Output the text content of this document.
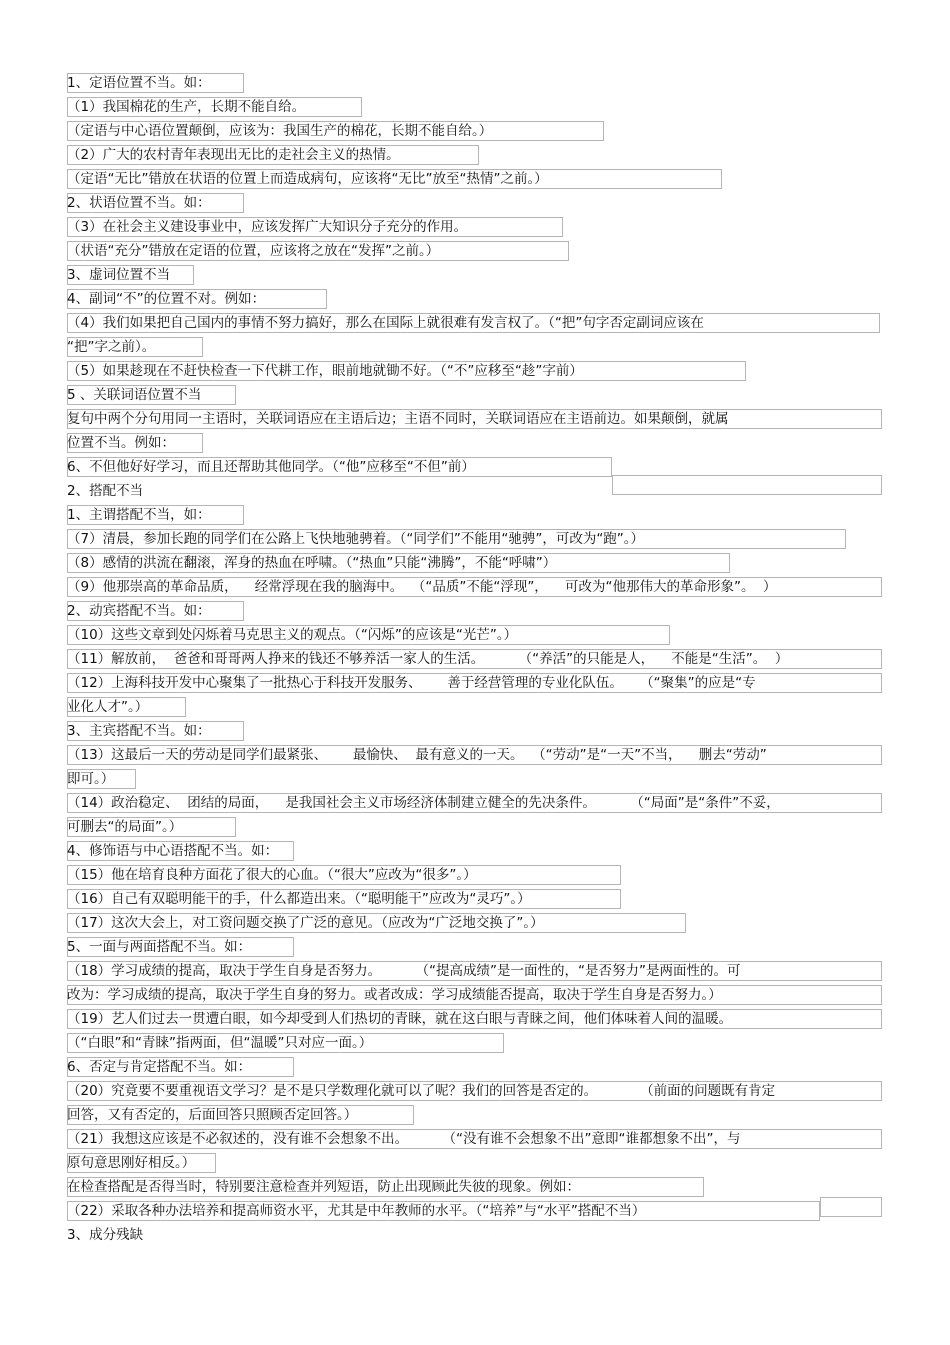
1、定语位置不当。如：
（1）我国棉花的生产，长期不能自给。
（定语与中心语位置颠倒，应该为：我国生产的棉花，长期不能自给。）
（2）广大的农村青年表现出无比的走社会主义的热情。
（定语“无比”错放在状语的位置上而造成病句，应该将“无比”放至“热情”之前。）
2、状语位置不当。如：
（3）在社会主义建设事业中，应该发挥广大知识分子充分的作用。
（状语“充分”错放在定语的位置，应该将之放在“发挥”之前。）
3、虚词位置不当
4、副词“不”的位置不对。例如：
（4）我们如果把自己国内的事情不努力搞好，那么在国际上就很难有发言权了。（“把”句字否定副词应该在
“把”字之前）。
（5）如果趁现在不赶快检查一下代耕工作，眼前地就锄不好。（“不”应移至“趁”字前）
5 、关联词语位置不当
复句中两个分句用同一主语时，关联词语应在主语后边；主语不同时，关联词语应在主语前边。如果颠倒，就属
位置不当。例如：
6、不但他好好学习，而且还帮助其他同学。（“他”应移至“不但”前）
2、搭配不当
1、主谓搭配不当，如：
（7）清晨，参加长跑的同学们在公路上飞快地驰骋着。（“同学们”不能用“驰骋”，可改为“跑”。）
（8）感情的洪流在翻滚，浑身的热血在呼啸。（“热血”只能“沸腾”，不能“呼啸”）
（9）他那崇高的革命品质，    经常浮现在我的脑海中。  （“品质”不能“浮现”，    可改为“他那伟大的革命形象”。  ）
2、动宾搭配不当。如：
（10）这些文章到处闪烁着马克思主义的观点。（“闪烁”的应该是“光芒”。）
（11）解放前，  爸爸和哥哥两人挣来的钱还不够养活一家人的生活。        （“养活”的只能是人，    不能是“生活”。  ）
（12）上海科技开发中心聚集了一批热心于科技开发服务、      善于经营管理的专业化队伍。    （“聚集”的应是“专
业化人才”。）
3、主宾搭配不当。如：
（13）这最后一天的劳动是同学们最紧张、      最愉快、  最有意义的一天。  （“劳动”是“一天”不当，    删去“劳动”
即可。）
（14）政治稳定、  团结的局面，    是我国社会主义市场经济体制建立健全的先决条件。        （“局面”是“条件”不妥，
可删去“的局面”。）
4、修饰语与中心语搭配不当。如：
（15）他在培育良种方面花了很大的心血。（“很大”应改为“很多”。）
（16）自己有双聪明能干的手，什么都造出来。（“聪明能干”应改为“灵巧”。）
（17）这次大会上，对工资问题交换了广泛的意见。（应改为“广泛地交换了”。）
5、一面与两面搭配不当。如：
（18）学习成绩的提高，取决于学生自身是否努力。        （“提高成绩”是一面性的，“是否努力”是两面性的。可
改为：学习成绩的提高，取决于学生自身的努力。或者改成：学习成绩能否提高，取决于学生自身是否努力。）
（19）艺人们过去一贯遭白眼，如今却受到人们热切的青睐，就在这白眼与青睐之间，他们体味着人间的温暖。
（“白眼”和“青睐”指两面，但“温暖”只对应一面。）
6、否定与肯定搭配不当。如：
（20）究竟要不要重视语文学习？是不是只学数理化就可以了呢？我们的回答是否定的。          （前面的问题既有肯定
回答，又有否定的，后面回答只照顾否定回答。）
（21）我想这应该是不必叙述的，没有谁不会想象不出。        （“没有谁不会想象不出”意即“谁都想象不出”，与
原句意思刚好相反。）
在检查搭配是否得当时，特别要注意检查并列短语，防止出现顾此失彼的现象。例如：
（22）采取各种办法培养和提高师资水平，尤其是中年教师的水平。（“培养”与“水平”搭配不当）
3、成分残缺
